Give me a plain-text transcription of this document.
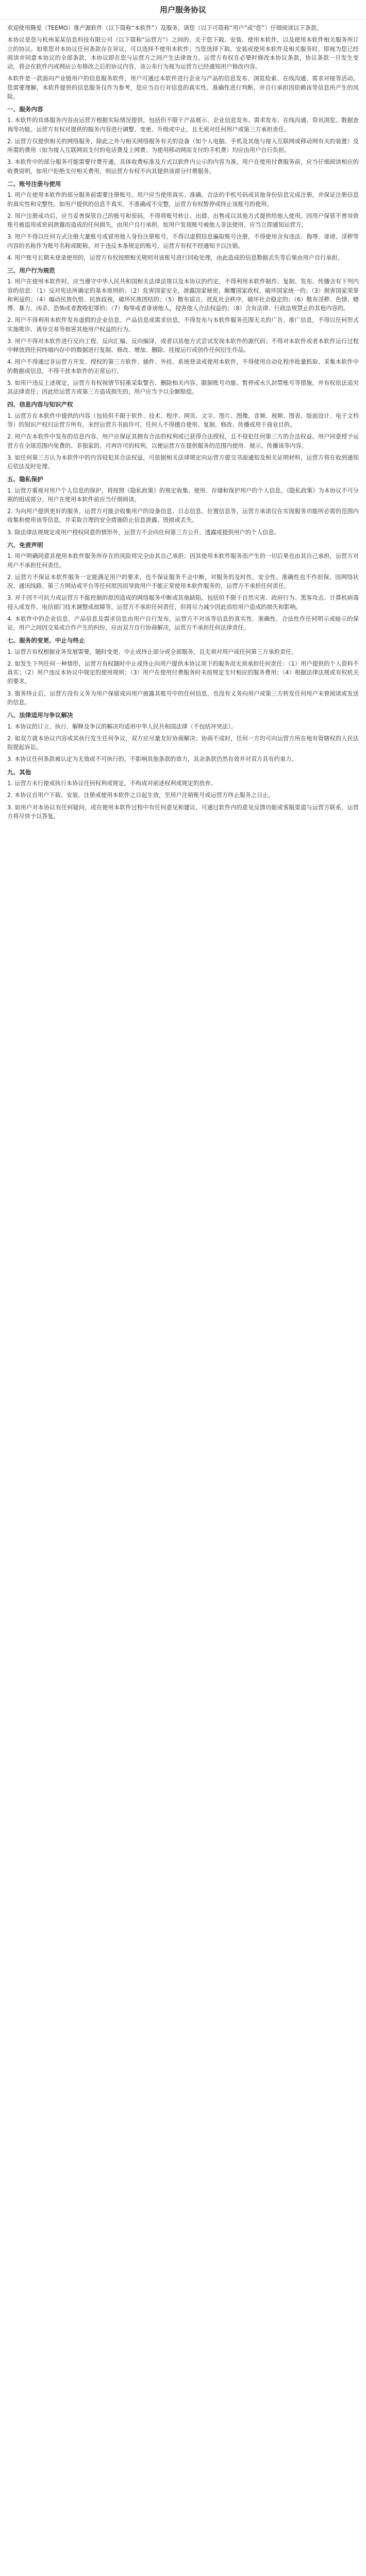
用户服务协议

欢迎使用腾爱（TEEMO）推产源软件（以下简称“本软件”）及服务，请您（以下可简称“用户”或“您”）仔细阅读以下条款。

本协议是您与杭州某某信息科技有限公司（以下简称“运营方”）之间的、关于您下载、安装、使用本软件，以及使用本软件相关服务所订立的协议。如果您对本协议任何条款存在异议，可以选择不使用本软件；当您选择下载、安装或使用本软件及相关服务时，即视为您已经阅读并同意本协议的全部条款，本协议即在您与运营方之间产生法律效力。运营方有权在必要时修改本协议条款，协议条款一旦发生变动，将会在软件内或网站公布修改之后的协议内容，该公布行为视为运营方已经通知用户修改内容。

本软件是一款面向产业链用户的信息服务软件，用户可通过本软件进行企业与产品的信息发布、浏览检索、在线沟通、需求对接等活动。您需要理解，本软件提供的信息服务仅作为参考，您应当自行对信息的真实性、准确性进行判断，并自行承担因依赖该等信息所产生的风险。

一、服务内容

1. 本软件的具体服务内容由运营方根据实际情况提供，包括但不限于产品展示、企业信息发布、需求发布、在线沟通、资讯浏览、数据查询等功能。运营方有权对提供的服务内容进行调整、变更、升级或中止，且无须对任何用户或第三方承担责任。

2. 运营方仅提供相关的网络服务，除此之外与相关网络服务有关的设备（如个人电脑、手机及其他与接入互联网或移动网有关的装置）及所需的费用（如为接入互联网而支付的电话费及上网费、为使用移动网而支付的手机费）均应由用户自行负担。

3. 本软件中的部分服务可能需要付费开通，具体收费标准及方式以软件内公示的内容为准。用户在使用付费服务前，应当仔细阅读相应的收费说明，如用户拒绝支付相关费用，则运营方有权不向其提供该部分付费服务。

二、账号注册与使用

1. 用户在使用本软件的部分服务前需要注册账号。用户应当使用真实、准确、合法的手机号码或其他身份信息完成注册，并保证注册信息的真实性和完整性。如用户提供的信息不真实、不准确或不完整，运营方有权暂停或终止该账号的使用。

2. 用户注册成功后，应当妥善保管自己的账号和密码，不得将账号转让、出借、出售或以其他方式提供给他人使用。因用户保管不善导致账号被盗用或密码泄露而造成的任何损失，由用户自行承担。如用户发现账号被他人非法使用，应当立即通知运营方。

3. 用户不得以任何方式注册大量账号或冒用他人身份注册账号，不得以虚假信息骗取账号注册，不得使用含有违法、侮辱、诽谤、淫秽等内容的名称作为账号名称或昵称。对于违反本条规定的账号，运营方有权不经通知予以注销。

4. 用户账号长期未登录使用的，运营方有权按照相关规则对该账号进行回收处理，由此造成的信息数据丢失等后果由用户自行承担。

三、用户行为规范

1. 用户在使用本软件时，应当遵守中华人民共和国相关法律法规以及本协议的约定，不得利用本软件制作、复制、发布、传播含有下列内容的信息：（1）反对宪法所确定的基本原则的；（2）危害国家安全，泄露国家秘密，颠覆国家政权，破坏国家统一的；（3）损害国家荣誉和利益的；（4）煽动民族仇恨、民族歧视，破坏民族团结的；（5）散布谣言，扰乱社会秩序，破坏社会稳定的；（6）散布淫秽、色情、赌博、暴力、凶杀、恐怖或者教唆犯罪的；（7）侮辱或者诽谤他人，侵害他人合法权益的；（8）含有法律、行政法规禁止的其他内容的。

2. 用户不得利用本软件发布虚假的企业信息、产品信息或需求信息，不得发布与本软件服务范围无关的广告、推广信息，不得以任何形式实施欺诈、诱导交易等损害其他用户权益的行为。

3. 用户不得对本软件进行反向工程、反向汇编、反向编译，或者以其他方式尝试发现本软件的源代码；不得对本软件或者本软件运行过程中释放到任何终端内存中的数据进行复制、修改、增加、删除、挂接运行或创作任何衍生作品。

4. 用户不得通过非运营方开发、授权的第三方软件、插件、外挂、系统登录或使用本软件，不得使用自动化程序批量抓取、采集本软件中的数据或信息，不得干扰本软件的正常运行。

5. 如用户违反上述规定，运营方有权视情节轻重采取警告、删除相关内容、限制账号功能、暂停或永久封禁账号等措施，并有权依法追究其法律责任；因此给运营方或第三方造成损失的，用户应当予以全额赔偿。

四、信息内容与知识产权

1. 运营方在本软件中提供的内容（包括但不限于软件、技术、程序、网页、文字、图片、图像、音频、视频、图表、版面设计、电子文档等）的知识产权归运营方所有。未经运营方书面许可，任何人不得擅自使用、复制、修改、传播或用于商业目的。

2. 用户在本软件中发布的信息内容，用户应保证其拥有合法的权利或已获得合法授权，且不侵犯任何第三方的合法权益。用户同意授予运营方在全球范围内免费的、非独家的、可再许可的权利，以便运营方在提供服务的范围内使用、展示、传播该等内容。

3. 如任何第三方认为本软件中的内容侵犯其合法权益，可依据相关法律规定向运营方提交书面通知及相关证明材料，运营方将在收到通知后依法及时处理。

五、隐私保护

1. 运营方重视对用户个人信息的保护，将按照《隐私政策》的规定收集、使用、存储和保护用户的个人信息。《隐私政策》为本协议不可分割的组成部分，用户在使用本软件前应当仔细阅读。

2. 为向用户提供更好的服务，运营方可能会收集用户的设备信息、日志信息、位置信息等，运营方承诺仅在实现服务功能所必需的范围内收集和使用该等信息，并采取合理的安全措施防止信息泄露、毁损或丢失。

3. 除法律法规规定或用户授权同意的情形外，运营方不会向任何第三方公开、透露或提供用户的个人信息。

六、免责声明

1. 用户明确同意其使用本软件服务所存在的风险将完全由其自己承担；因其使用本软件服务而产生的一切后果也由其自己承担，运营方对用户不承担任何责任。

2. 运营方不保证本软件服务一定能满足用户的要求，也不保证服务不会中断，对服务的及时性、安全性、准确性也不作担保。因网络状况、通讯线路、第三方网站或平台等任何原因而导致用户不能正常使用本软件服务的，运营方不承担任何责任。

3. 对于因不可抗力或运营方不能控制的原因造成的网络服务中断或其他缺陷，包括但不限于自然灾害、政府行为、黑客攻击、计算机病毒侵入或发作、电信部门技术调整或故障等，运营方不承担任何责任，但将尽力减少因此而给用户造成的损失和影响。

4. 本软件中的企业信息、产品信息及需求信息由用户自行发布，运营方不对该等信息的真实性、准确性、合法性作任何明示或暗示的保证。用户之间因交易或合作产生的纠纷，应由双方自行协商解决，运营方不承担任何法律责任。

七、服务的变更、中止与终止

1. 运营方有权根据业务发展需要，随时变更、中止或终止部分或全部服务，且无须对用户或任何第三方承担责任。

2. 如发生下列任何一种情形，运营方有权随时中止或终止向用户提供本协议项下的服务而无须承担任何责任：（1）用户提供的个人资料不真实；（2）用户违反本协议中规定的使用规则；（3）用户在使用付费服务时未按规定支付相应的服务费用；（4）根据法律法规或有权机关的要求。

3. 服务终止后，运营方没有义务为用户保留或向用户披露其账号中的任何信息，也没有义务向用户或第三方转发任何用户未曾阅读或发送的信息。

八、法律适用与争议解决

1. 本协议的订立、执行、解释及争议的解决均适用中华人民共和国法律（不包括冲突法）。

2. 如双方就本协议内容或其执行发生任何争议，双方应尽量友好协商解决；协商不成时，任何一方均可向运营方所在地有管辖权的人民法院提起诉讼。

3. 本协议任何条款被认定为无效或不可执行的，不影响其他条款的效力，其余条款仍然有效并对双方具有约束力。

九、其他

1. 运营方未行使或执行本协议任何权利或规定，不构成对前述权利或规定的放弃。

2. 本协议自用户下载、安装、注册或使用本软件之日起生效，至用户注销账号或运营方终止服务之日止。

3. 如用户对本协议有任何疑问，或在使用本软件过程中有任何意见和建议，可通过软件内的意见反馈功能或客服渠道与运营方联系，运营方将尽快予以答复。
